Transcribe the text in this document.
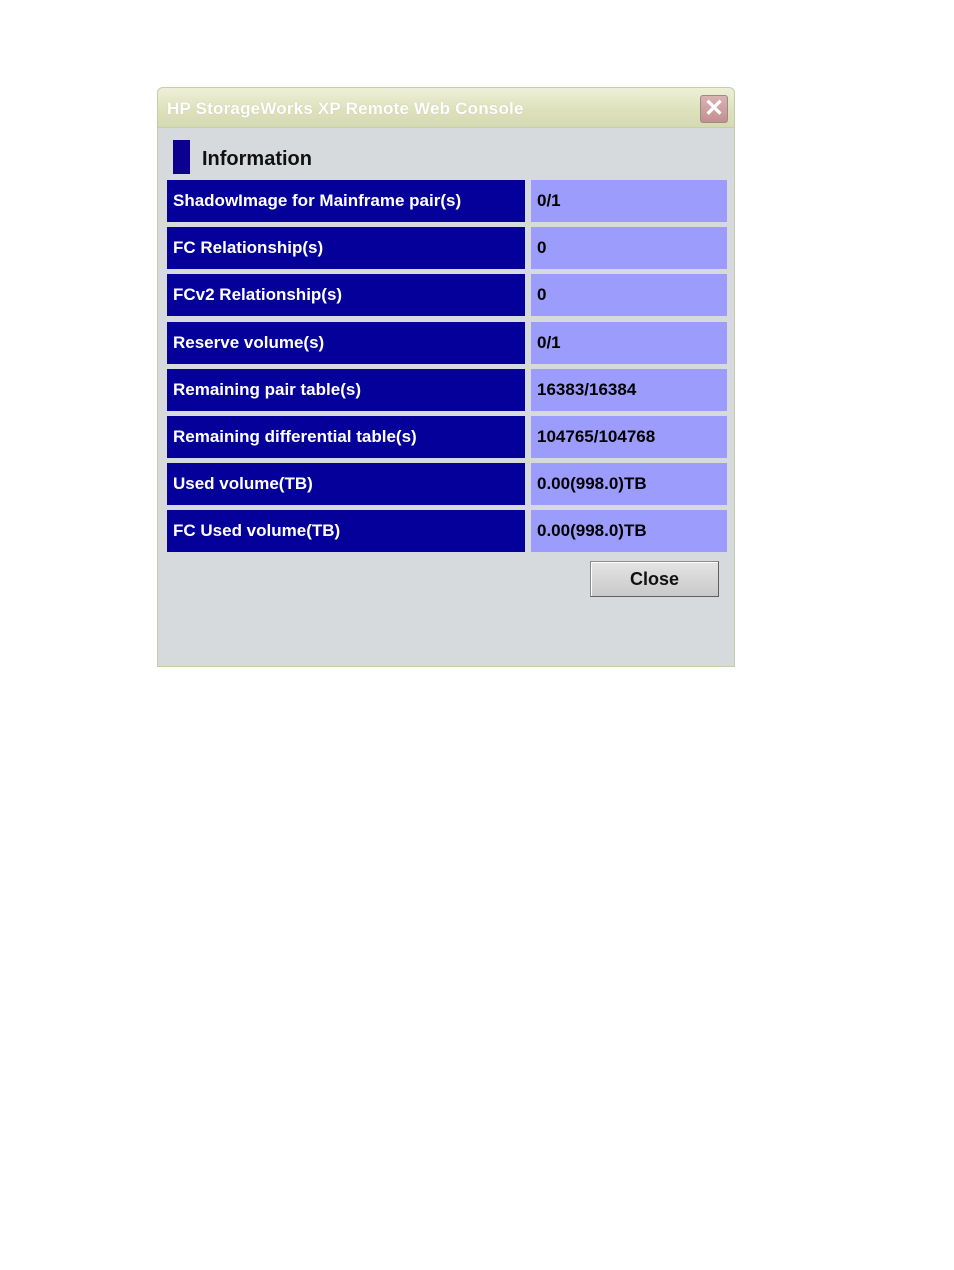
HP StorageWorks XP Remote Web Console	✕
Information
ShadowImage for Mainframe pair(s)	0/1
FC Relationship(s)	0
FCv2 Relationship(s)	0
Reserve volume(s)	0/1
Remaining pair table(s)	16383/16384
Remaining differential table(s)	104765/104768
Used volume(TB)	0.00(998.0)TB
FC Used volume(TB)	0.00(998.0)TB
Close
